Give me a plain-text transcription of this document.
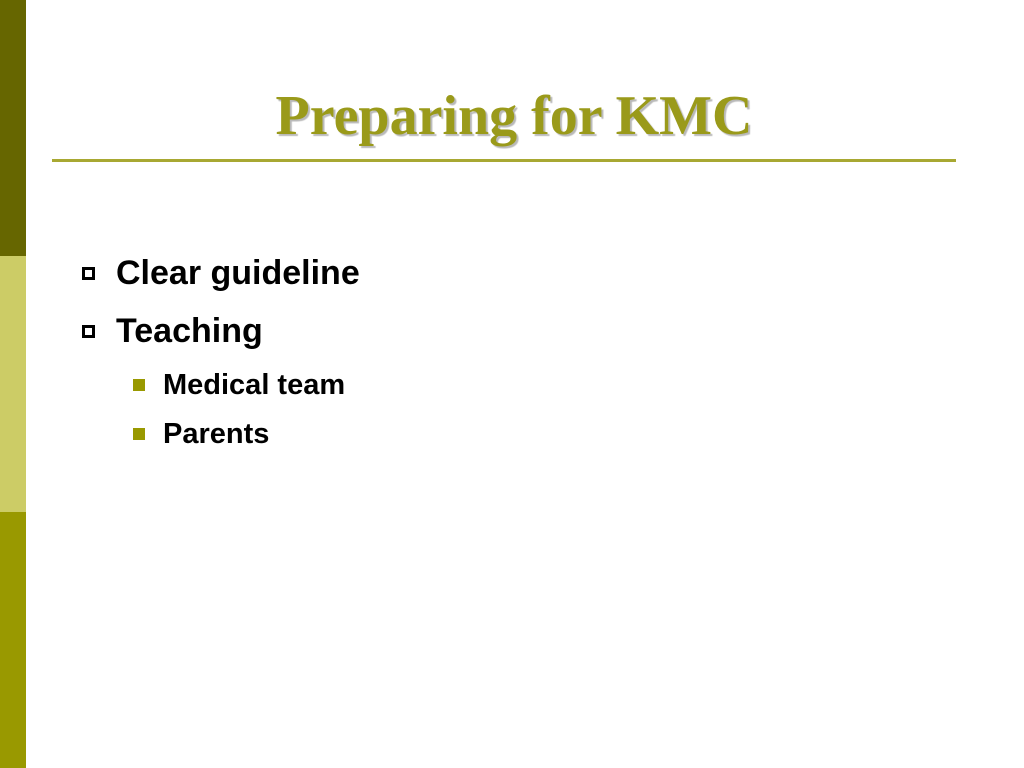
Preparing for KMC
Clear guideline
Teaching
Medical team
Parents
